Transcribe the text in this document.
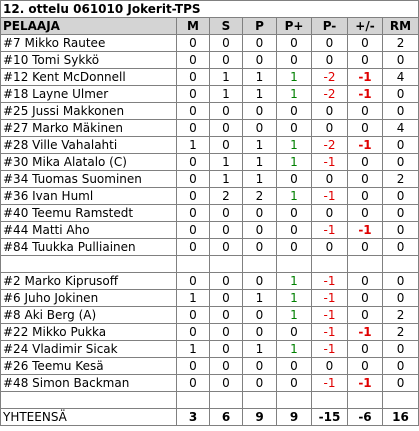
12. ottelu 061010 Jokerit-TPS							
PELAAJA	M	S	P	P+	P-	+/-	RM
#7 Mikko Rautee	0	0	0	0	0	0	2
#10 Tomi Sykkö	0	0	0	0	0	0	0
#12 Kent McDonnell	0	1	1	1	-2	-1	4
#18 Layne Ulmer	0	1	1	1	-2	-1	0
#25 Jussi Makkonen	0	0	0	0	0	0	0
#27 Marko Mäkinen	0	0	0	0	0	0	4
#28 Ville Vahalahti	1	0	1	1	-2	-1	0
#30 Mika Alatalo (C)	0	1	1	1	-1	0	0
#34 Tuomas Suominen	0	1	1	0	0	0	2
#36 Ivan Huml	0	2	2	1	-1	0	0
#40 Teemu Ramstedt	0	0	0	0	0	0	0
#44 Matti Aho	0	0	0	0	-1	-1	0
#84 Tuukka Pulliainen	0	0	0	0	0	0	0

#2 Marko Kiprusoff	0	0	0	1	-1	0	0
#6 Juho Jokinen	1	0	1	1	-1	0	0
#8 Aki Berg (A)	0	0	0	1	-1	0	2
#22 Mikko Pukka	0	0	0	0	-1	-1	2
#24 Vladimir Sicak	1	0	1	1	-1	0	0
#26 Teemu Kesä	0	0	0	0	0	0	0
#48 Simon Backman	0	0	0	0	-1	-1	0

YHTEENSÄ	3	6	9	9	-15	-6	16
